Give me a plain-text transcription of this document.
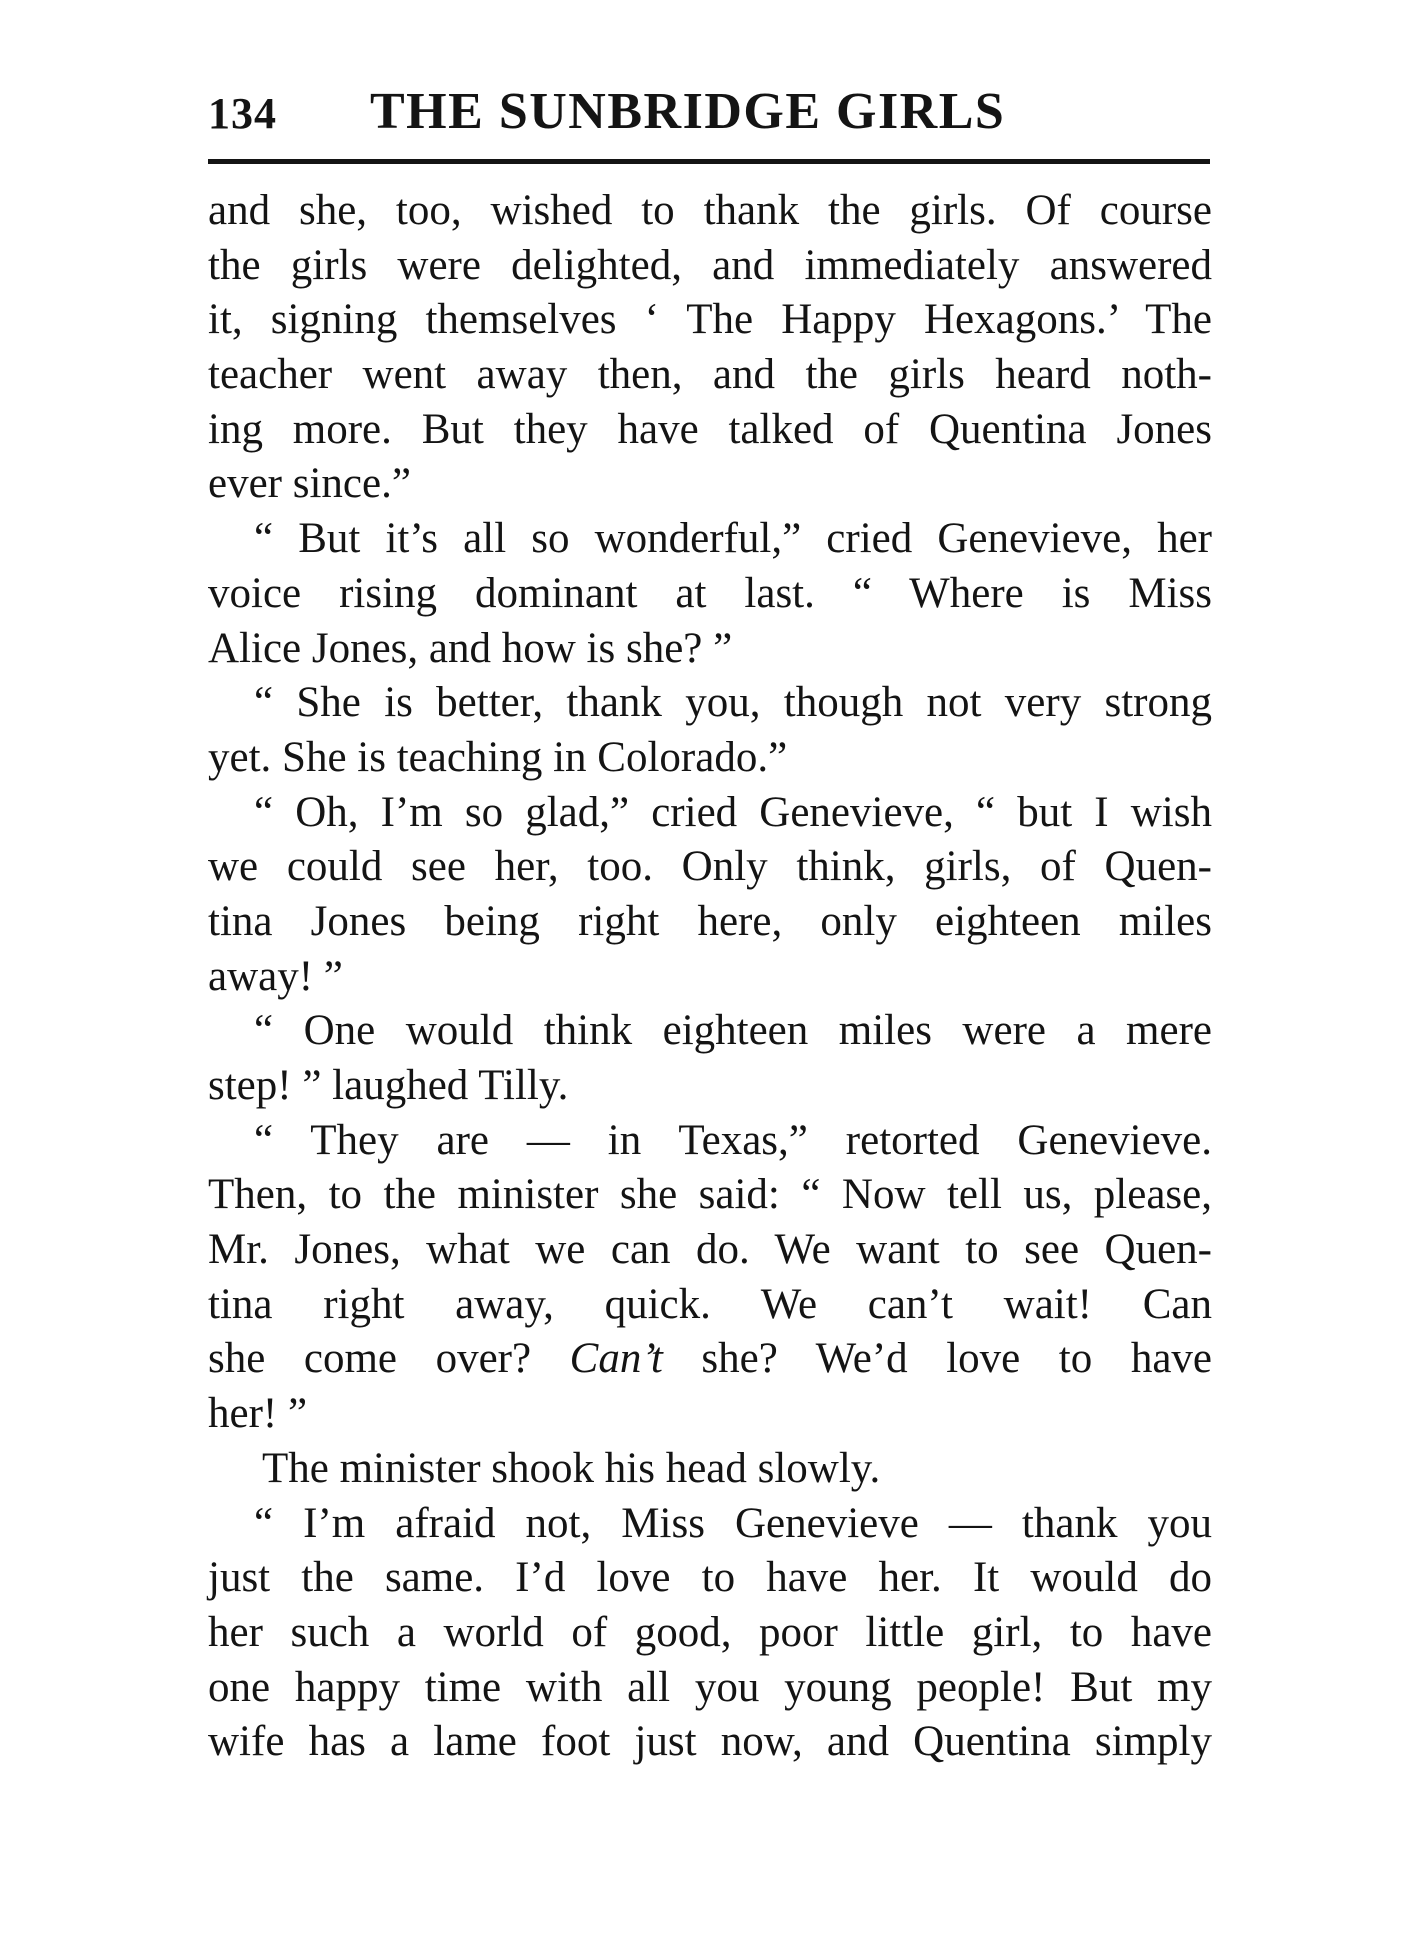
134 THE SUNBRIDGE GIRLS
and she, too, wished to thank the girls. Of course
the girls were delighted, and immediately answered
it, signing themselves ‘ The Happy Hexagons.’ The
teacher went away then, and the girls heard noth-
ing more. But they have talked of Quentina Jones
ever since.”
“ But it’s all so wonderful,” cried Genevieve, her
voice rising dominant at last. “ Where is Miss
Alice Jones, and how is she? ”
“ She is better, thank you, though not very strong
yet. She is teaching in Colorado.”
“ Oh, I’m so glad,” cried Genevieve, “ but I wish
we could see her, too. Only think, girls, of Quen-
tina Jones being right here, only eighteen miles
away! ”
“ One would think eighteen miles were a mere
step! ” laughed Tilly.
“ They are — in Texas,” retorted Genevieve.
Then, to the minister she said: “ Now tell us, please,
Mr. Jones, what we can do. We want to see Quen-
tina right away, quick. We can’t wait! Can
she come over? Can’t she? We’d love to have
her! ”
The minister shook his head slowly.
“ I’m afraid not, Miss Genevieve — thank you
just the same. I’d love to have her. It would do
her such a world of good, poor little girl, to have
one happy time with all you young people! But my
wife has a lame foot just now, and Quentina simply
